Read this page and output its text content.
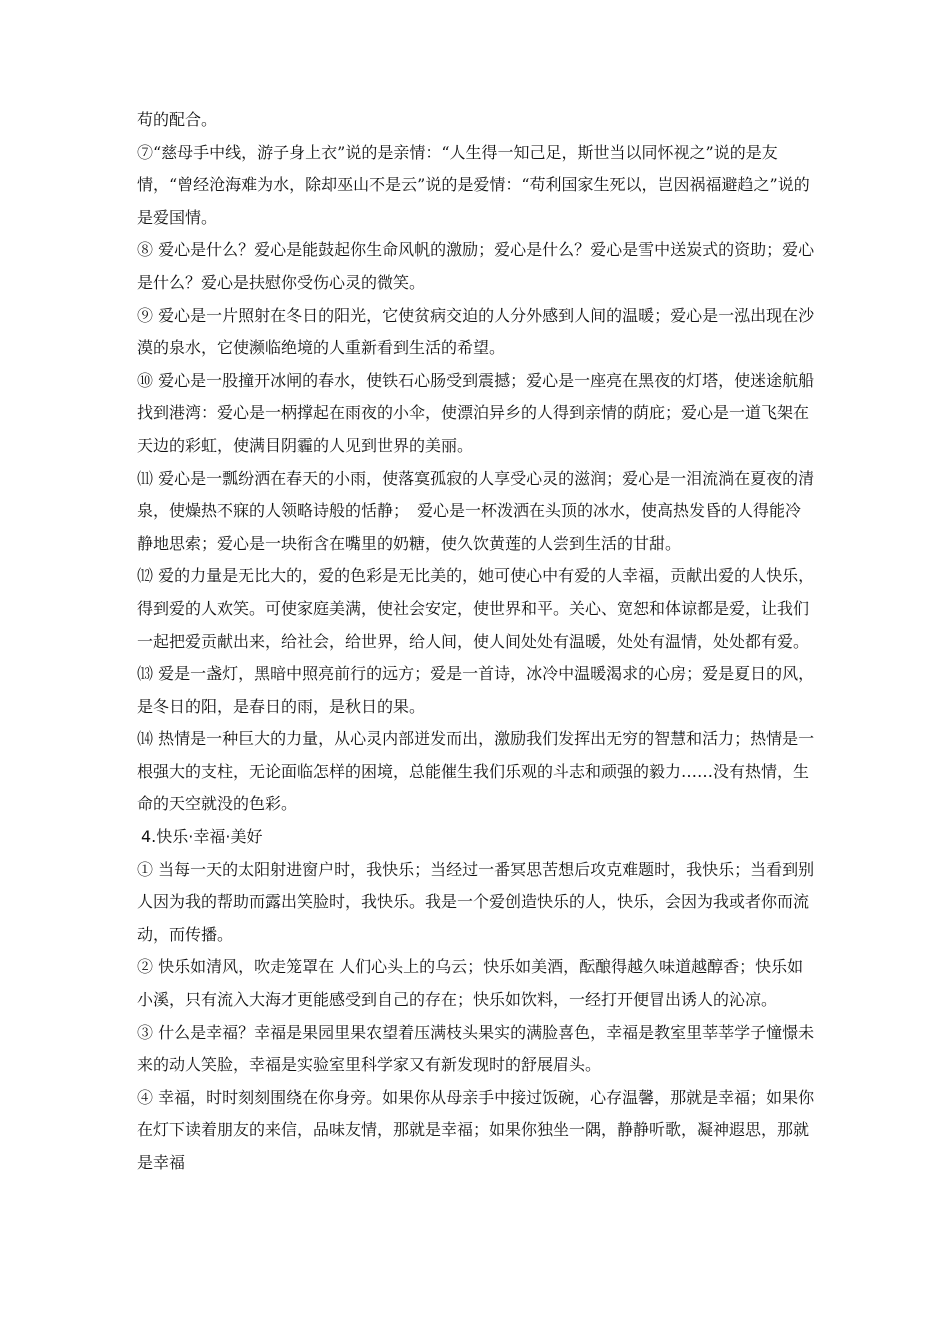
苟的配合。

⑦“慈母手中线，游子身上衣”说的是亲情：“人生得一知己足，斯世当以同怀视之”说的是友情，“曾经沧海难为水，除却巫山不是云”说的是爱情：“苟利国家生死以，岂因祸福避趋之”说的是爱国情。

⑧ 爱心是什么？爱心是能鼓起你生命风帆的激励；爱心是什么？爱心是雪中送炭式的资助；爱心是什么？爱心是扶慰你受伤心灵的微笑。

⑨ 爱心是一片照射在冬日的阳光，它使贫病交迫的人分外感到人间的温暖；爱心是一泓出现在沙漠的泉水，它使濒临绝境的人重新看到生活的希望。

⑩ 爱心是一股撞开冰闸的春水，使铁石心肠受到震撼；爱心是一座亮在黑夜的灯塔，使迷途航船找到港湾：爱心是一柄撑起在雨夜的小伞，使漂泊异乡的人得到亲情的荫庇；爱心是一道飞架在天边的彩虹，使满目阴霾的人见到世界的美丽。

⑾ 爱心是一瓢纷洒在春天的小雨，使落寞孤寂的人享受心灵的滋润；爱心是一泪流淌在夏夜的清泉，使燥热不寐的人领略诗般的恬静；　爱心是一杯泼洒在头顶的冰水，使高热发昏的人得能冷静地思索；爱心是一块衔含在嘴里的奶糖，使久饮黄莲的人尝到生活的甘甜。

⑿ 爱的力量是无比大的，爱的色彩是无比美的，她可使心中有爱的人幸福，贡献出爱的人快乐，得到爱的人欢笑。可使家庭美满，使社会安定，使世界和平。关心、宽恕和体谅都是爱，让我们一起把爱贡献出来，给社会，给世界，给人间，使人间处处有温暖，处处有温情，处处都有爱。

⒀ 爱是一盏灯，黑暗中照亮前行的远方；爱是一首诗，冰冷中温暖渴求的心房；爱是夏日的风，是冬日的阳，是春日的雨，是秋日的果。

⒁ 热情是一种巨大的力量，从心灵内部迸发而出，激励我们发挥出无穷的智慧和活力；热情是一根强大的支柱，无论面临怎样的困境，总能催生我们乐观的斗志和顽强的毅力……没有热情，生命的天空就没的色彩。

4.快乐·幸福·美好

① 当每一天的太阳射进窗户时，我快乐；当经过一番冥思苦想后攻克难题时，我快乐；当看到别人因为我的帮助而露出笑脸时，我快乐。我是一个爱创造快乐的人，快乐，会因为我或者你而流动，而传播。

② 快乐如清风，吹走笼罩在 人们心头上的乌云；快乐如美酒，酝酿得越久味道越醇香；快乐如小溪，只有流入大海才更能感受到自己的存在；快乐如饮料，一经打开便冒出诱人的沁凉。

③ 什么是幸福？幸福是果园里果农望着压满枝头果实的满脸喜色，幸福是教室里莘莘学子憧憬未来的动人笑脸，幸福是实验室里科学家又有新发现时的舒展眉头。

④ 幸福，时时刻刻围绕在你身旁。如果你从母亲手中接过饭碗，心存温馨，那就是幸福；如果你在灯下读着朋友的来信，品味友情，那就是幸福；如果你独坐一隅，静静听歌，凝神遐思，那就是幸福
